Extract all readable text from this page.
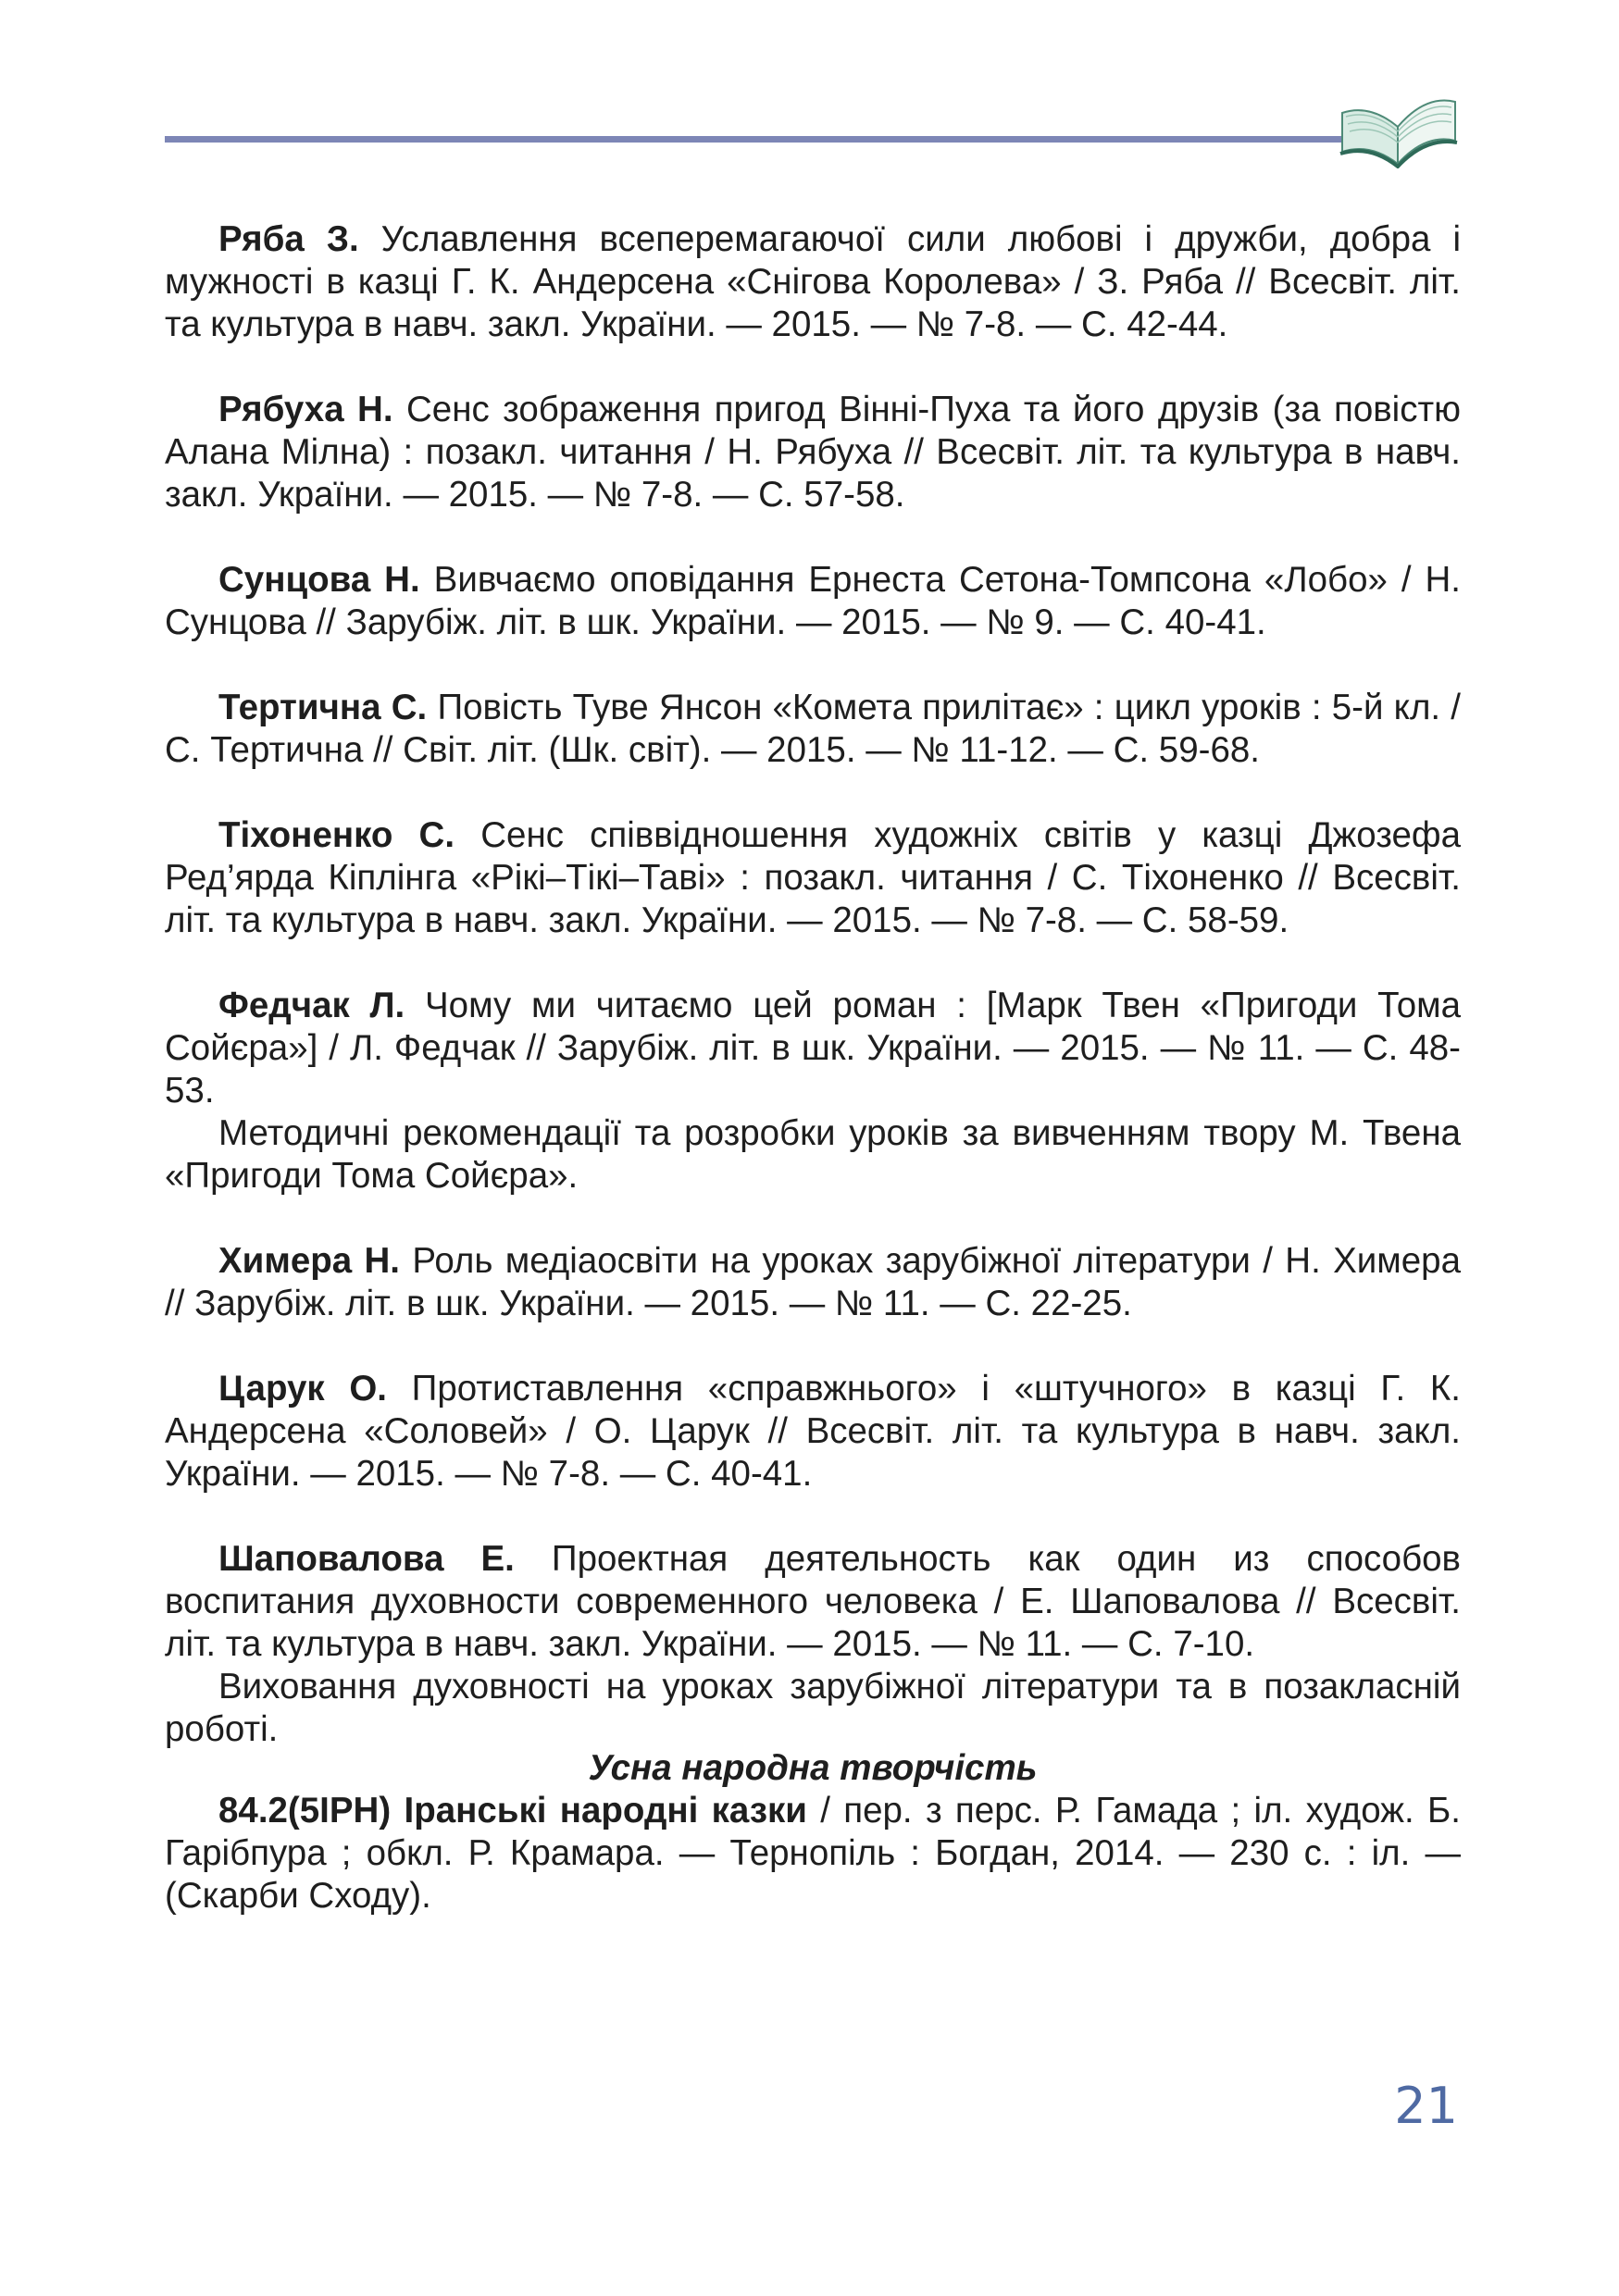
Ряба З. Уславлення всеперемагаючої сили любові і дружби, добра і мужності в казці Г. К. Андерсена «Снігова Королева» / З. Ряба // Всесвіт. літ. та культура в навч. закл. України. — 2015. — № 7-8. — С. 42-44.

Рябуха Н. Сенс зображення пригод Вінні-Пуха та його друзів (за повістю Алана Мілна) : позакл. читання / Н. Рябуха // Всесвіт. літ. та культура в навч. закл. України. — 2015. — № 7-8. — С. 57-58.

Сунцова Н. Вивчаємо оповідання Ернеста Сетона-Томпсона «Лобо» / Н. Сунцова // Зарубіж. літ. в шк. України. — 2015. — № 9. — С. 40-41.

Тертична С. Повість Туве Янсон «Комета прилітає» : цикл уроків : 5-й кл. / С. Тертична // Світ. літ. (Шк. світ). — 2015. — № 11-12. — С. 59-68.

Тіхоненко С. Сенс співвідношення художніх світів у казці Джозефа Ред’ярда Кіплінга «Рікі–Тікі–Таві» : позакл. читання / С. Тіхоненко // Всесвіт. літ. та культура в навч. закл. України. — 2015. — № 7-8. — С. 58-59.

Федчак Л. Чому ми читаємо цей роман : [Марк Твен «Пригоди Тома Сойєра»] / Л. Федчак // Зарубіж. літ. в шк. України. — 2015. — № 11. — С. 48-53.

Методичні рекомендації та розробки уроків за вивченням твору М. Твена «Пригоди Тома Сойєра».

Химера Н. Роль медіаосвіти на уроках зарубіжної літератури / Н. Химера // Зарубіж. літ. в шк. України. — 2015. — № 11. — С. 22-25.

Царук О. Протиставлення «справжнього» і «штучного» в казці Г. К. Андерсена «Соловей» / О. Царук // Всесвіт. літ. та культура в навч. закл. України. — 2015. — № 7-8. — С. 40-41.

Шаповалова Е. Проектная деятельность как один из способов воспитания духовности современного человека / Е. Шаповалова // Всесвіт. літ. та культура в навч. закл. України. — 2015. — № 11. — С. 7-10.

Виховання духовності на уроках зарубіжної літератури та в позакласній роботі.

Усна народна творчість

84.2(5ІРН) Іранські народні казки / пер. з перс. Р. Гамада ; іл. худож. Б. Гарібпура ; обкл. Р. Крамара. — Тернопіль : Богдан, 2014. — 230 с. : іл. — (Скарби Сходу).

21
